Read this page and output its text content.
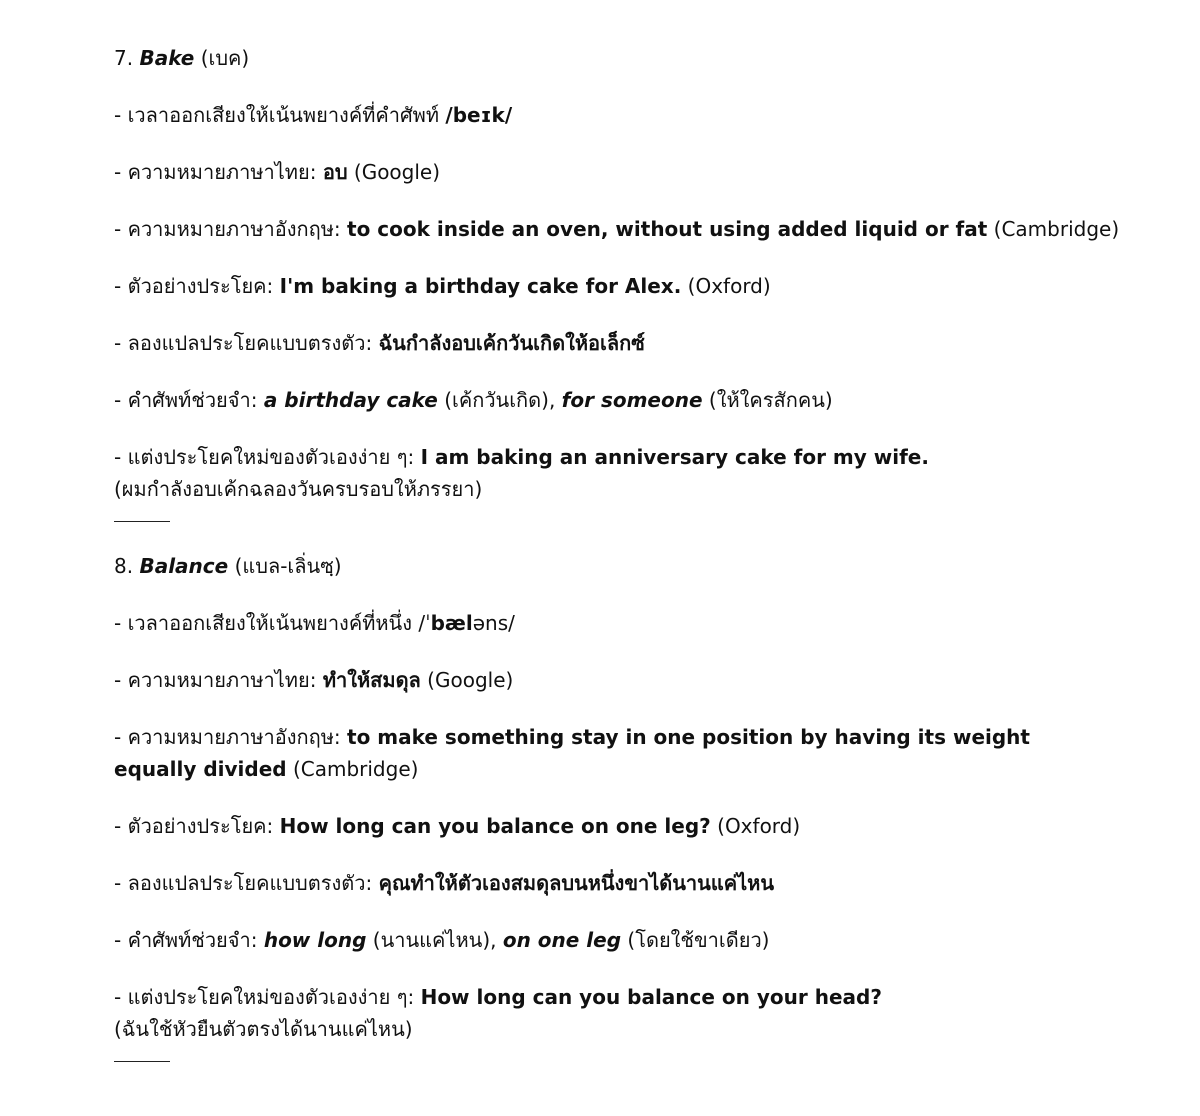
7. Bake (เบค)
- เวลาออกเสียงให้เน้นพยางค์ที่คำศัพท์ /beɪk/
- ความหมายภาษาไทย: อบ (Google)
- ความหมายภาษาอังกฤษ: to cook inside an oven, without using added liquid or fat (Cambridge)
- ตัวอย่างประโยค: I'm baking a birthday cake for Alex. (Oxford)
- ลองแปลประโยคแบบตรงตัว: ฉันกำลังอบเค้กวันเกิดให้อเล็กซ์
- คำศัพท์ช่วยจำ: a birthday cake (เค้กวันเกิด), for someone (ให้ใครสักคน)
- แต่งประโยคใหม่ของตัวเองง่าย ๆ: I am baking an anniversary cake for my wife.
(ผมกำลังอบเค้กฉลองวันครบรอบให้ภรรยา)
8. Balance (แบล-เลิ่นซฺ)
- เวลาออกเสียงให้เน้นพยางค์ที่หนึ่ง /ˈbæləns/
- ความหมายภาษาไทย: ทำให้สมดุล (Google)
- ความหมายภาษาอังกฤษ: to make something stay in one position by having its weight equally divided (Cambridge)
- ตัวอย่างประโยค: How long can you balance on one leg? (Oxford)
- ลองแปลประโยคแบบตรงตัว: คุณทำให้ตัวเองสมดุลบนหนึ่งขาได้นานแค่ไหน
- คำศัพท์ช่วยจำ: how long (นานแค่ไหน), on one leg (โดยใช้ขาเดียว)
- แต่งประโยคใหม่ของตัวเองง่าย ๆ: How long can you balance on your head?
(ฉันใช้หัวยืนตัวตรงได้นานแค่ไหน)
